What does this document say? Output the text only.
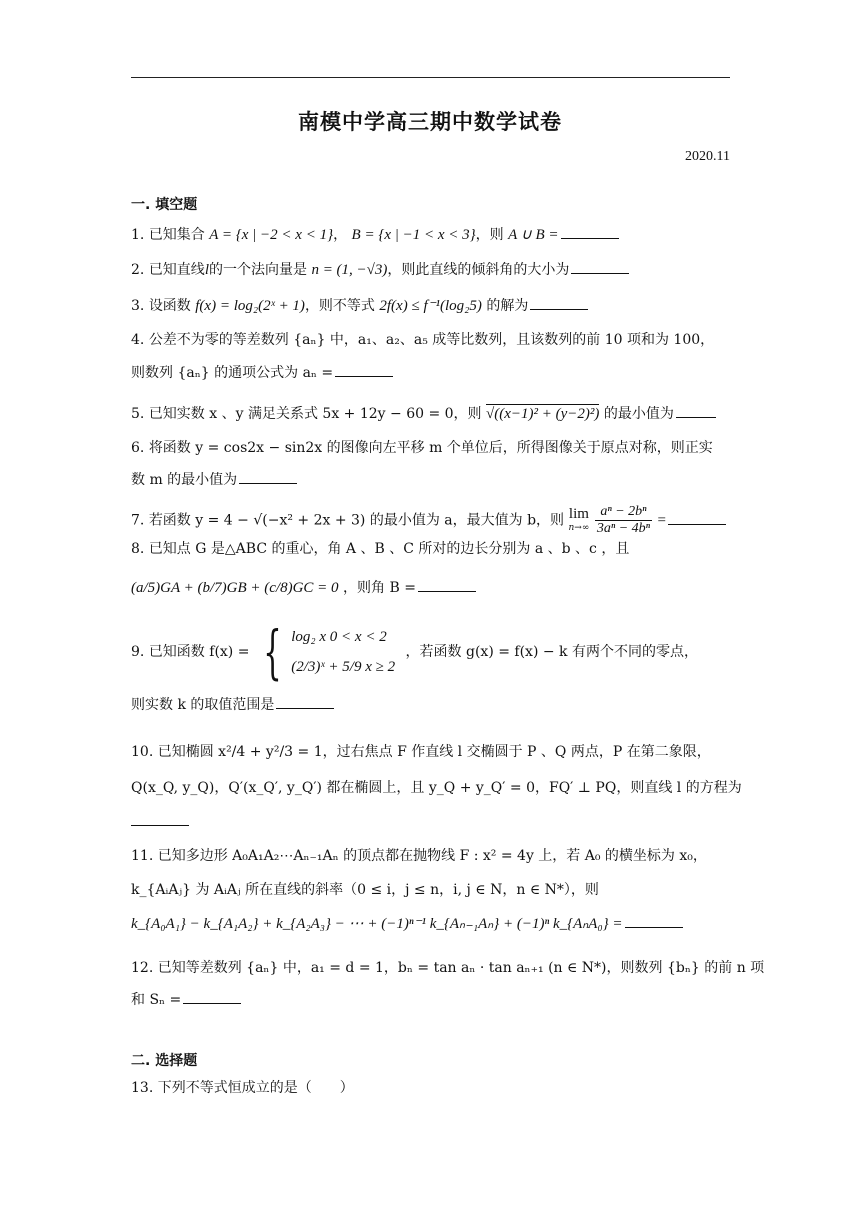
南模中学高三期中数学试卷
2020.11
一. 填空题
1. 已知集合 A = {x | −2 < x < 1}， B = {x | −1 < x < 3}，则 A ∪ B =
2. 已知直线l的一个法向量是 n = (1, −√3)，则此直线的倾斜角的大小为
3. 设函数 f(x) = log₂(2ˣ + 1)，则不等式 2f(x) ≤ f⁻¹(log₂5) 的解为
4. 公差不为零的等差数列 {aₙ} 中，a₁、a₂、a₅ 成等比数列，且该数列的前 10 项和为 100，
则数列 {aₙ} 的通项公式为 aₙ =
5. 已知实数 x 、y 满足关系式 5x + 12y − 60 = 0，则 √((x−1)² + (y−2)²) 的最小值为
6. 将函数 y = cos2x − sin2x 的图像向左平移 m 个单位后，所得图像关于原点对称，则正实
数 m 的最小值为
7. 若函数 y = 4 − √(−x² + 2x + 3) 的最小值为 a，最大值为 b，则 lim
n→∞
$\frac{\text{aⁿ − 2bⁿ}}{\text{3aⁿ − 4bⁿ}}$ =
8. 已知点 G 是△ABC 的重心，角 A 、B 、C 所对的边长分别为 a 、b 、c ，且
(a/5)GA + (b/7)GB + (c/8)GC = 0 ，则角 B =
9. 已知函数 f(x) = { log₂ x 0 < x < 2
(2/3)ˣ + 5/9 x ≥ 2
，若函数 g(x) = f(x) − k 有两个不同的零点，
则实数 k 的取值范围是
10. 已知椭圆 x²/4 + y²/3 = 1，过右焦点 F 作直线 l 交椭圆于 P 、Q 两点，P 在第二象限，
Q(x_Q, y_Q)，Q′(x_Q′, y_Q′) 都在椭圆上，且 y_Q + y_Q′ = 0，FQ′ ⊥ PQ，则直线 l 的方程为
11. 已知多边形 A₀A₁A₂⋯Aₙ₋₁Aₙ 的顶点都在抛物线 F : x² = 4y 上，若 A₀ 的横坐标为 x₀，
k_{AᵢAⱼ} 为 AᵢAⱼ 所在直线的斜率（0 ≤ i，j ≤ n，i, j ∈ N，n ∈ N*），则
k_{A₀A₁} − k_{A₁A₂} + k_{A₂A₃} − ⋯ + (−1)ⁿ⁻¹ k_{Aₙ₋₁Aₙ} + (−1)ⁿ k_{AₙA₀} =
12. 已知等差数列 {aₙ} 中，a₁ = d = 1，bₙ = tan aₙ · tan aₙ₊₁ (n ∈ N*)，则数列 {bₙ} 的前 n 项
和 Sₙ =
二. 选择题
13. 下列不等式恒成立的是（　　）
